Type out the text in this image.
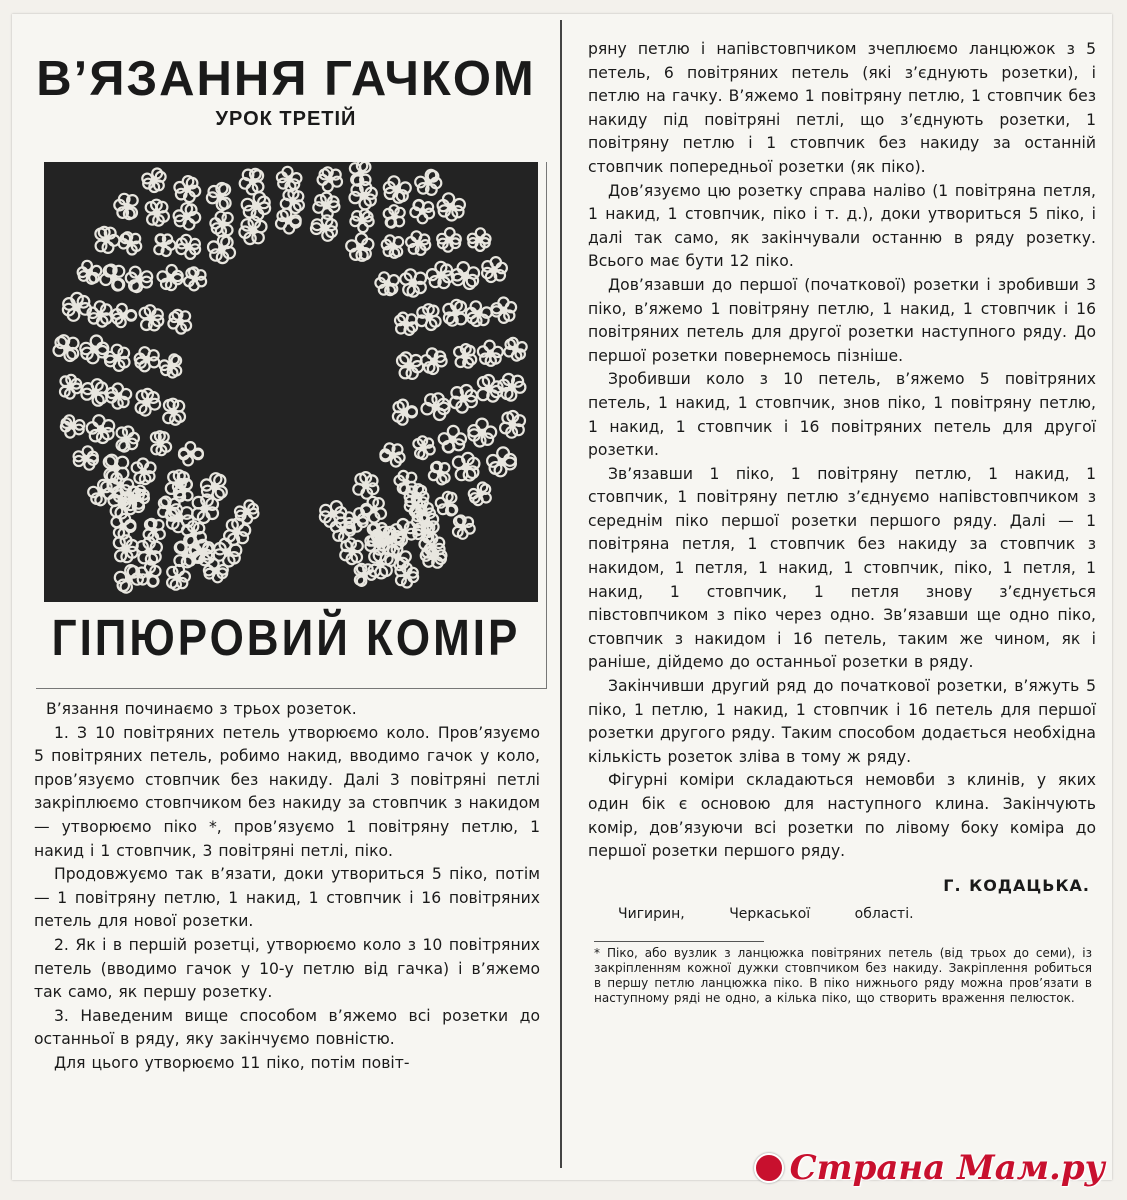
В’ЯЗАННЯ ГАЧКОМ
УРОК ТРЕТІЙ
ГІПЮРОВИЙ КОМІР

В’язання починаємо з трьох розеток.

1. З 10 повітряних петель утворюємо коло. Пров’язуємо 5 повітряних петель, робимо накид, вводимо гачок у коло, пров’язуємо стовпчик без накиду. Далі 3 повітряні петлі закріплюємо стовпчиком без накиду за стовпчик з накидом — утворюємо піко *, пров’язуємо 1 повітряну петлю, 1 накид і 1 стовпчик, 3 повітряні петлі, піко.

Продовжуємо так в’язати, доки утвориться 5 піко, потім — 1 повітряну петлю, 1 накид, 1 стовпчик і 16 повітряних петель для нової розетки.

2. Як і в першій розетці, утворюємо коло з 10 повітряних петель (вводимо гачок у 10-у петлю від гачка) і в’яжемо так само, як першу розетку.

3. Наведеним вище способом в’яжемо всі розетки до останньої в ряду, яку закінчуємо повністю.

Для цього утворюємо 11 піко, потім повіт-

ряну петлю і напівстовпчиком зчеплюємо ланцюжок з 5 петель, 6 повітряних петель (які з’єднують розетки), і петлю на гачку. В’яжемо 1 повітряну петлю, 1 стовпчик без накиду під повітряні петлі, що з’єднують розетки, 1 повітряну петлю і 1 стовпчик без накиду за останній стовпчик попередньої розетки (як піко).

Дов’язуємо цю розетку справа наліво (1 повітряна петля, 1 накид, 1 стовпчик, піко і т. д.), доки утвориться 5 піко, і далі так само, як закінчували останню в ряду розетку. Всього має бути 12 піко.

Дов’язавши до першої (початкової) розетки і зробивши 3 піко, в’яжемо 1 повітряну петлю, 1 накид, 1 стовпчик і 16 повітряних петель для другої розетки наступного ряду. До першої розетки повернемось пізніше.

Зробивши коло з 10 петель, в’яжемо 5 повітряних петель, 1 накид, 1 стовпчик, знов піко, 1 повітряну петлю, 1 накид, 1 стовпчик і 16 повітряних петель для другої розетки.

Зв’язавши 1 піко, 1 повітряну петлю, 1 накид, 1 стовпчик, 1 повітряну петлю з’єднуємо напівстовпчиком з середнім піко першої розетки першого ряду. Далі — 1 повітряна петля, 1 стовпчик без накиду за стовпчик з накидом, 1 петля, 1 накид, 1 стовпчик, піко, 1 петля, 1 накид, 1 стовпчик, 1 петля знову з’єднується півстовпчиком з піко через одно. Зв’язавши ще одно піко, стовпчик з накидом і 16 петель, таким же чином, як і раніше, дійдемо до останньої розетки в ряду.

Закінчивши другий ряд до початкової розетки, в’яжуть 5 піко, 1 петлю, 1 накид, 1 стовпчик і 16 петель для першої розетки другого ряду. Таким способом додається необхідна кількість розеток зліва в тому ж ряду.

Фігурні коміри складаються немовби з клинів, у яких один бік є основою для наступного клина. Закінчують комір, дов’язуючи всі розетки по лівому боку коміра до першої розетки першого ряду.

Г. КОДАЦЬКА.
Чигирин, Черкаської області.
* Піко, або вузлик з ланцюжка повітряних петель (від трьох до семи), із закріпленням кожної дужки стовпчиком без накиду. Закріплення робиться в першу петлю ланцюжка піко. В піко нижнього ряду можна пров’язати в наступному ряді не одно, а кілька піко, що створить враження пелюсток.
Страна Мам.ру
